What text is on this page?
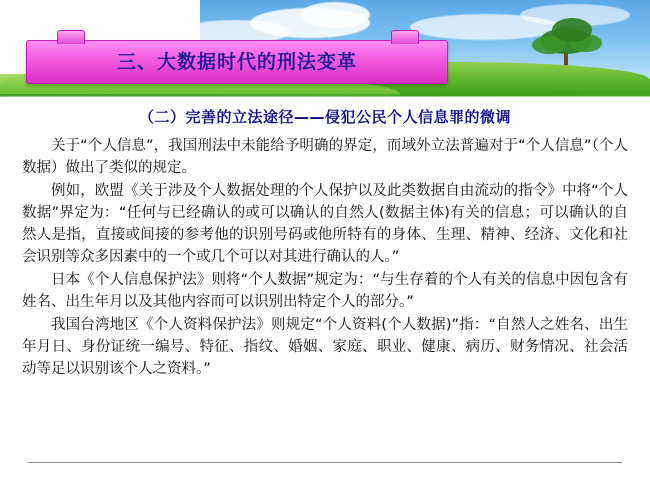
三、大数据时代的刑法变革
（二）完善的立法途径——侵犯公民个人信息罪的微调

关于“个人信息”，我国刑法中未能给予明确的界定，而域外立法普遍对于“个人信息”（个人数据）做出了类似的规定。

例如，欧盟《关于涉及个人数据处理的个人保护以及此类数据自由流动的指令》中将“个人数据”界定为：“任何与已经确认的或可以确认的自然人(数据主体)有关的信息；可以确认的自然人是指，直接或间接的参考他的识别号码或他所特有的身体、生理、精神、经济、文化和社会识别等众多因素中的一个或几个可以对其进行确认的人。”

日本《个人信息保护法》则将“个人数据”规定为：“与生存着的个人有关的信息中因包含有姓名、出生年月以及其他内容而可以识别出特定个人的部分。”

我国台湾地区《个人资料保护法》则规定“个人资料(个人数据)”指：“自然人之姓名、出生年月日、身份证统一编号、特征、指纹、婚姻、家庭、职业、健康、病历、财务情况、社会活动等足以识别该个人之资料。”
